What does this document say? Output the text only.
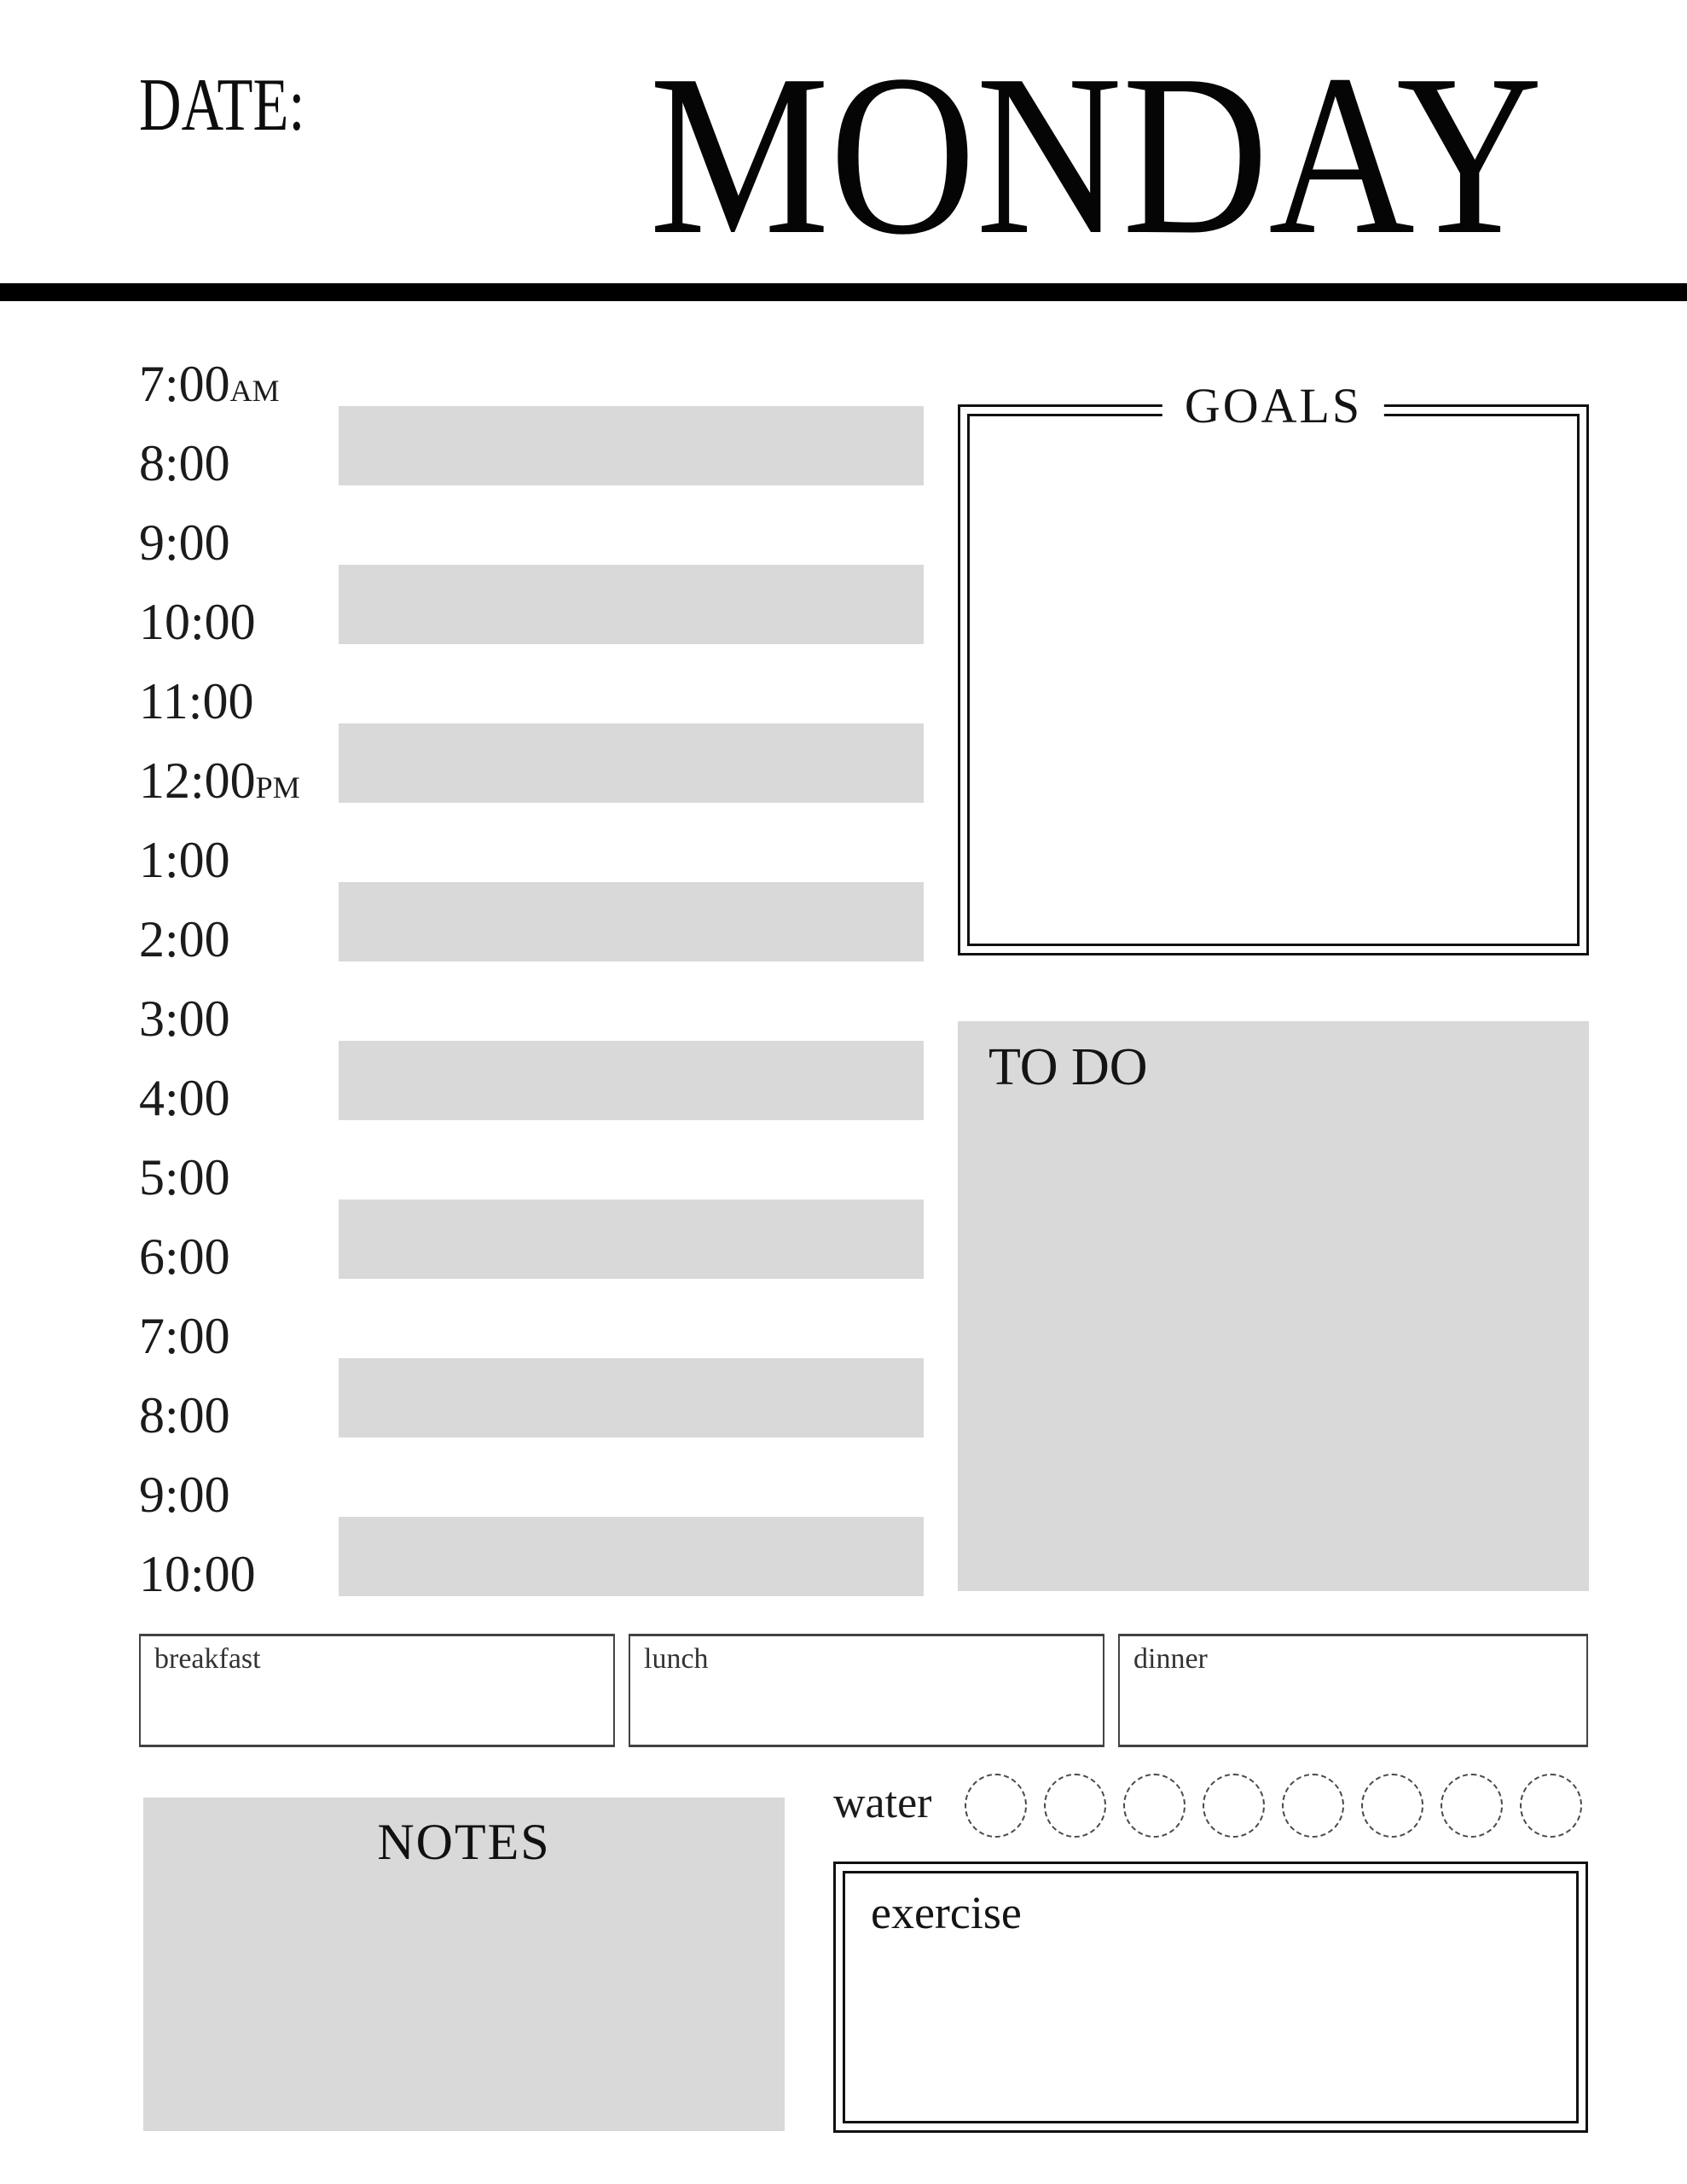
DATE: MONDAY
7:00AM
8:00
9:00
10:00
11:00
12:00PM
1:00
2:00
3:00
4:00
5:00
6:00
7:00
8:00
9:00
10:00
GOALS
TO DO
breakfast	lunch	dinner
NOTES
water
exercise
